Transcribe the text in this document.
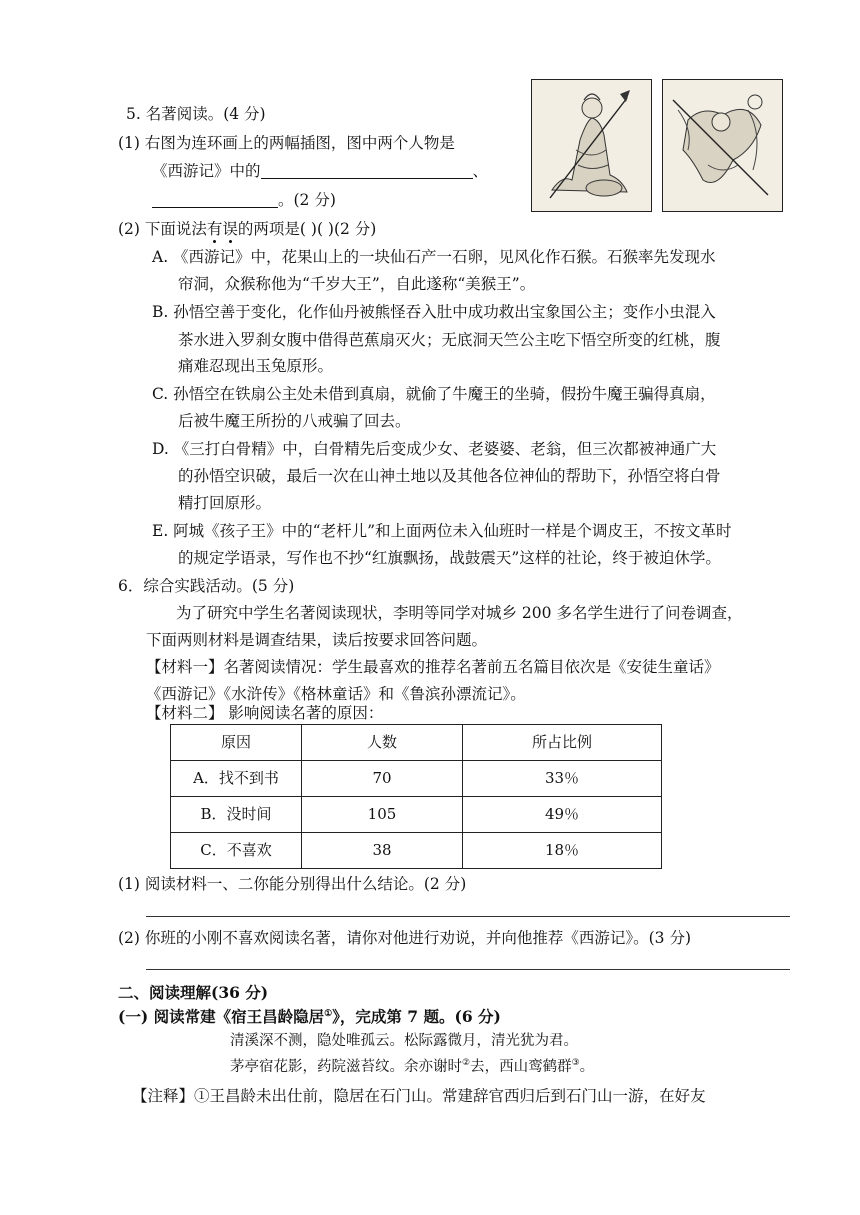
5. 名著阅读。(4 分)
(1) 右图为连环画上的两幅插图，图中两个人物是
《西游记》中的	、
。(2 分)
(2) 下面说法有误的两项是( )( )(2 分)
A. 《西游记》中，花果山上的一块仙石产一石卵，见风化作石猴。石猴率先发现水
帘洞，众猴称他为“千岁大王”，自此遂称“美猴王”。
B. 孙悟空善于变化，化作仙丹被熊怪吞入肚中成功救出宝象国公主；变作小虫混入
茶水进入罗刹女腹中借得芭蕉扇灭火；无底洞天竺公主吃下悟空所变的红桃，腹
痛难忍现出玉兔原形。
C. 孙悟空在铁扇公主处未借到真扇，就偷了牛魔王的坐骑，假扮牛魔王骗得真扇，
后被牛魔王所扮的八戒骗了回去。
D. 《三打白骨精》中，白骨精先后变成少女、老婆婆、老翁，但三次都被神通广大
的孙悟空识破，最后一次在山神土地以及其他各位神仙的帮助下，孙悟空将白骨
精打回原形。
E. 阿城《孩子王》中的“老杆儿”和上面两位未入仙班时一样是个调皮王，不按文革时
的规定学语录，写作也不抄“红旗飘扬，战鼓震天”这样的社论，终于被迫休学。
6．综合实践活动。(5 分)
为了研究中学生名著阅读现状，李明等同学对城乡 200 多名学生进行了问卷调查，
下面两则材料是调查结果，读后按要求回答问题。
【材料一】名著阅读情况：学生最喜欢的推荐名著前五名篇目依次是《安徒生童话》
《西游记》《水浒传》《格林童话》和《鲁滨孙漂流记》。
【材料二】 影响阅读名著的原因：
原因	人数	所占比例
A．找不到书	70	33％
B．没时间	105	49％
C．不喜欢	38	18％
(1) 阅读材料一、二你能分别得出什么结论。(2 分)
(2) 你班的小刚不喜欢阅读名著，请你对他进行劝说，并向他推荐《西游记》。(3 分)
二、阅读理解(36 分)
(一) 阅读常建《宿王昌龄隐居①》，完成第 7 题。(6 分)
清溪深不测，隐处唯孤云。松际露微月，清光犹为君。
茅亭宿花影，药院滋苔纹。余亦谢时②去，西山鸾鹤群③。
【注释】①王昌龄未出仕前，隐居在石门山。常建辞官西归后到石门山一游，在好友
